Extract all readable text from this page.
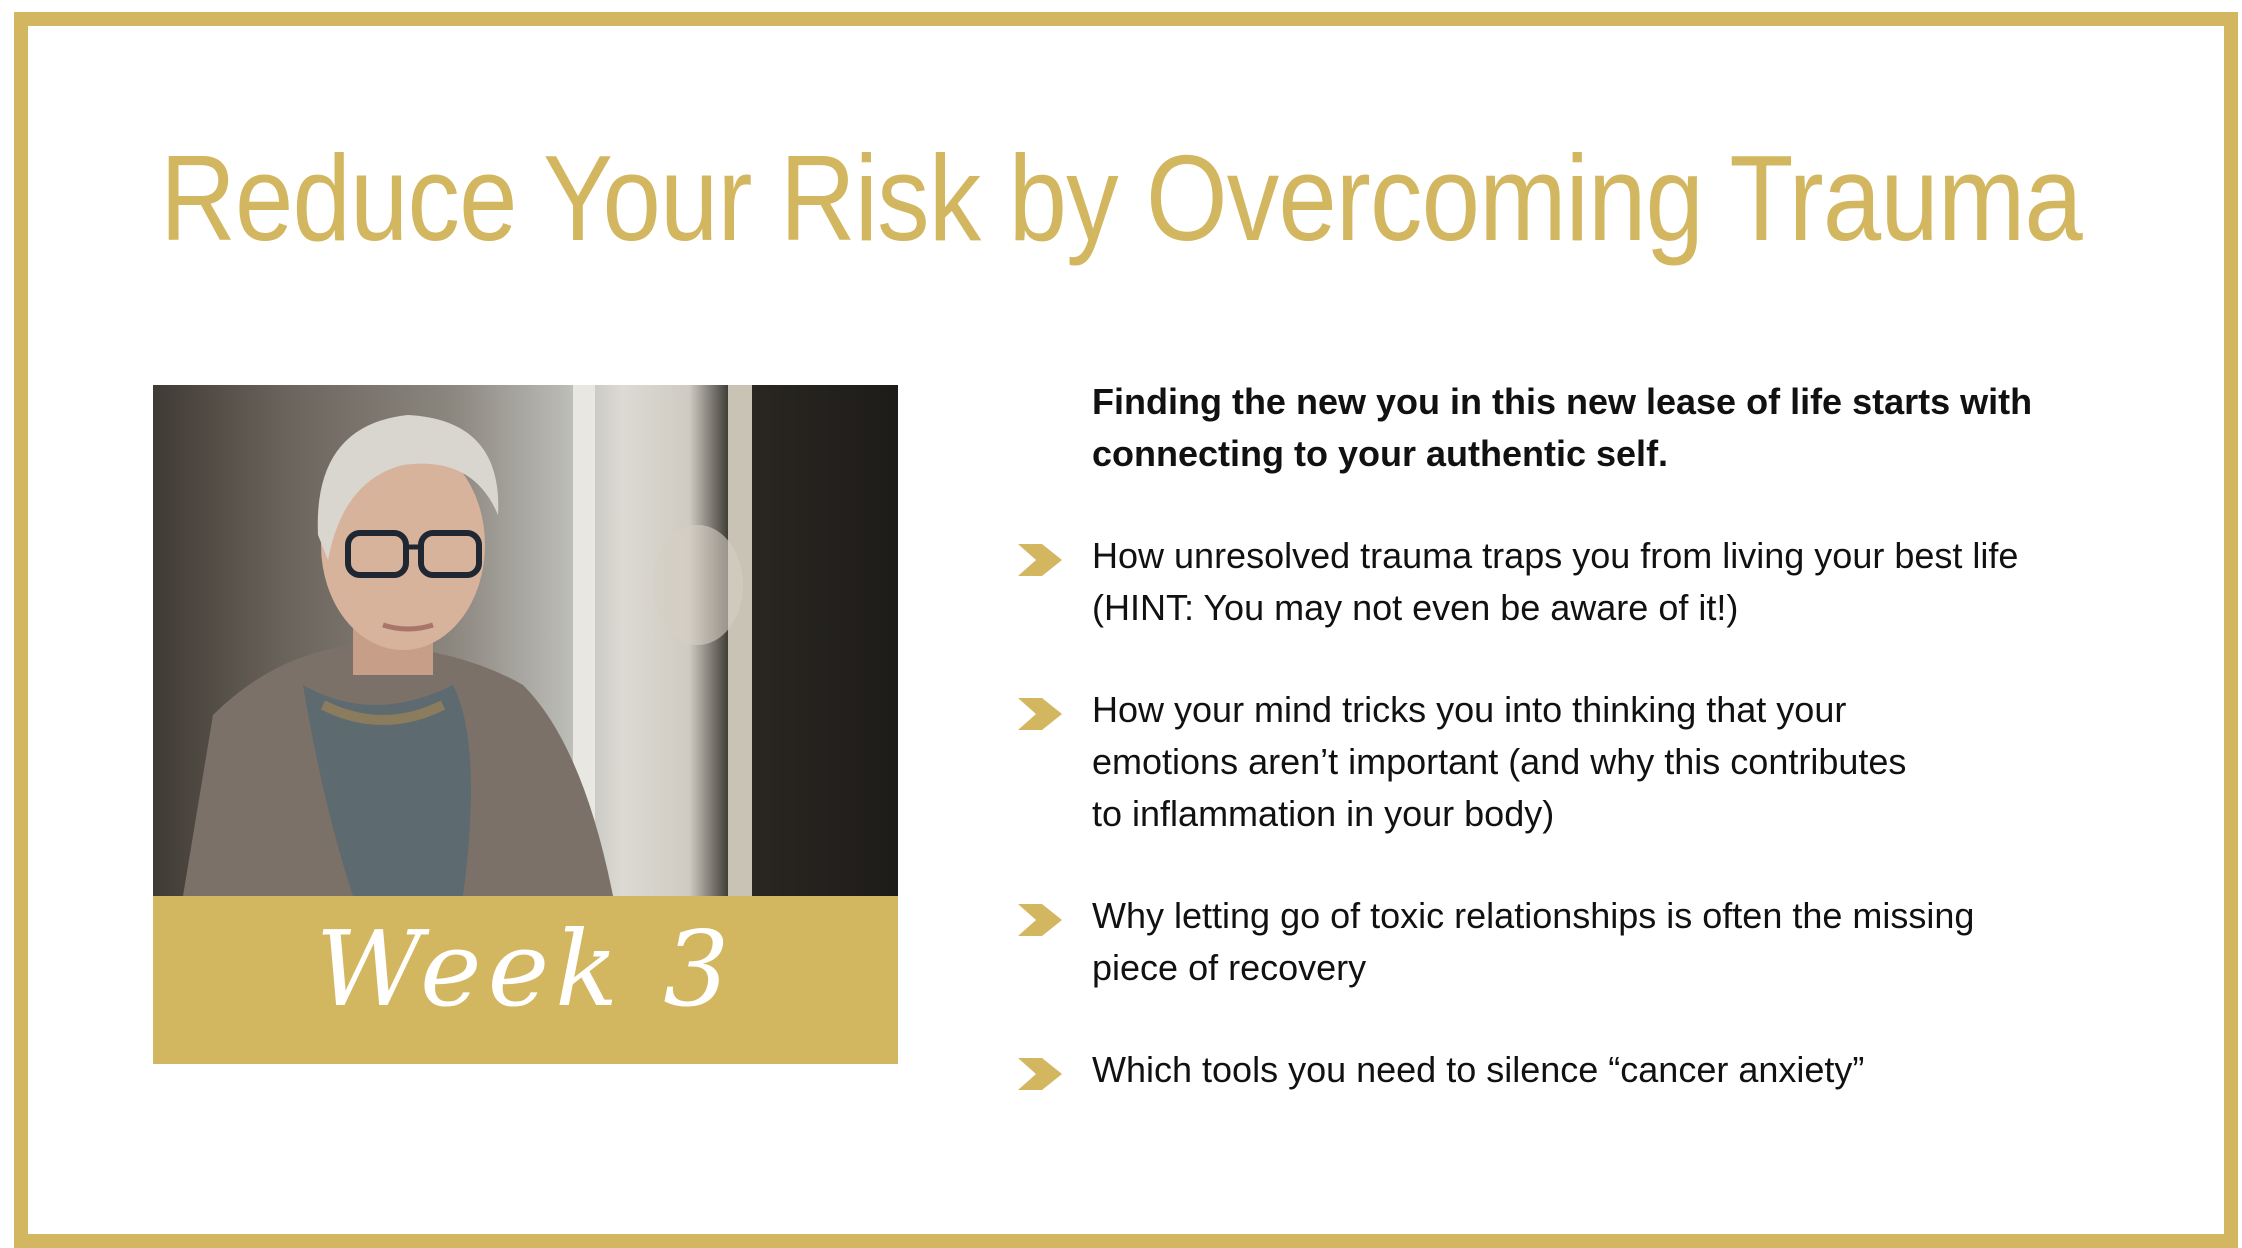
Reduce Your Risk by Overcoming Trauma
Week 3
Finding the new you in this new lease of life starts with connecting to your authentic self.
How unresolved trauma traps you from living your best life
(HINT: You may not even be aware of it!)
How your mind tricks you into thinking that your
emotions aren’t important (and why this contributes
to inflammation in your body)
Why letting go of toxic relationships is often the missing
piece of recovery
Which tools you need to silence “cancer anxiety”
